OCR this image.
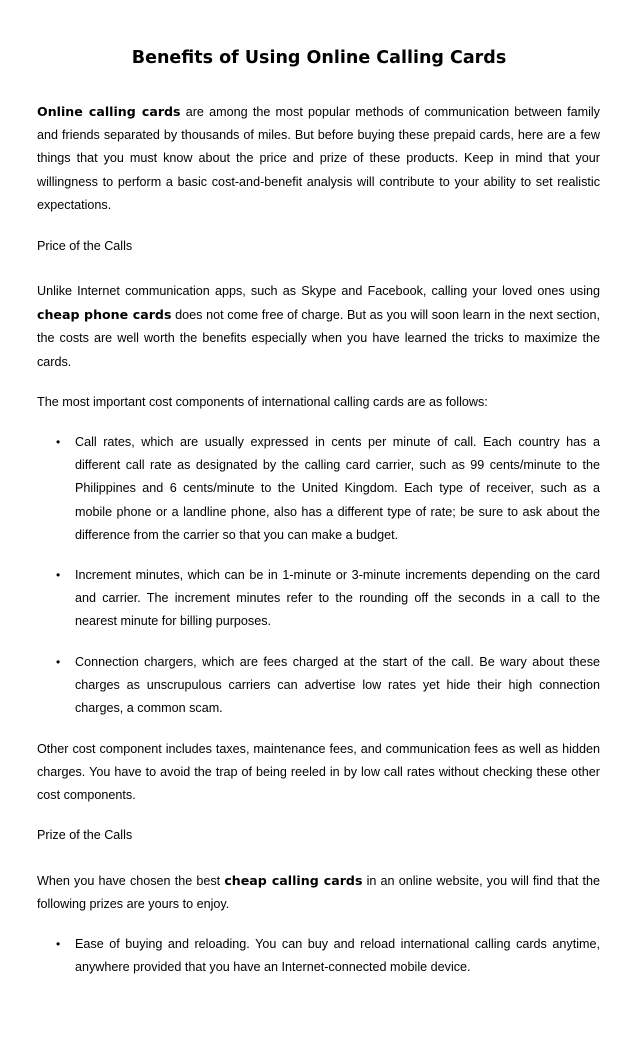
Benefits of Using Online Calling Cards

Online calling cards are among the most popular methods of communication between family and friends separated by thousands of miles. But before buying these prepaid cards, here are a few things that you must know about the price and prize of these products. Keep in mind that your willingness to perform a basic cost-and-benefit analysis will contribute to your ability to set realistic expectations.

Price of the Calls

Unlike Internet communication apps, such as Skype and Facebook, calling your loved ones using cheap phone cards does not come free of charge. But as you will soon learn in the next section, the costs are well worth the benefits especially when you have learned the tricks to maximize the cards.

The most important cost components of international calling cards are as follows:

• Call rates, which are usually expressed in cents per minute of call. Each country has a different call rate as designated by the calling card carrier, such as 99 cents/minute to the Philippines and 6 cents/minute to the United Kingdom. Each type of receiver, such as a mobile phone or a landline phone, also has a different type of rate; be sure to ask about the difference from the carrier so that you can make a budget.
• Increment minutes, which can be in 1-minute or 3-minute increments depending on the card and carrier. The increment minutes refer to the rounding off the seconds in a call to the nearest minute for billing purposes.
• Connection chargers, which are fees charged at the start of the call. Be wary about these charges as unscrupulous carriers can advertise low rates yet hide their high connection charges, a common scam.

Other cost component includes taxes, maintenance fees, and communication fees as well as hidden charges. You have to avoid the trap of being reeled in by low call rates without checking these other cost components.

Prize of the Calls

When you have chosen the best cheap calling cards in an online website, you will find that the following prizes are yours to enjoy.

• Ease of buying and reloading. You can buy and reload international calling cards anytime, anywhere provided that you have an Internet-connected mobile device.
